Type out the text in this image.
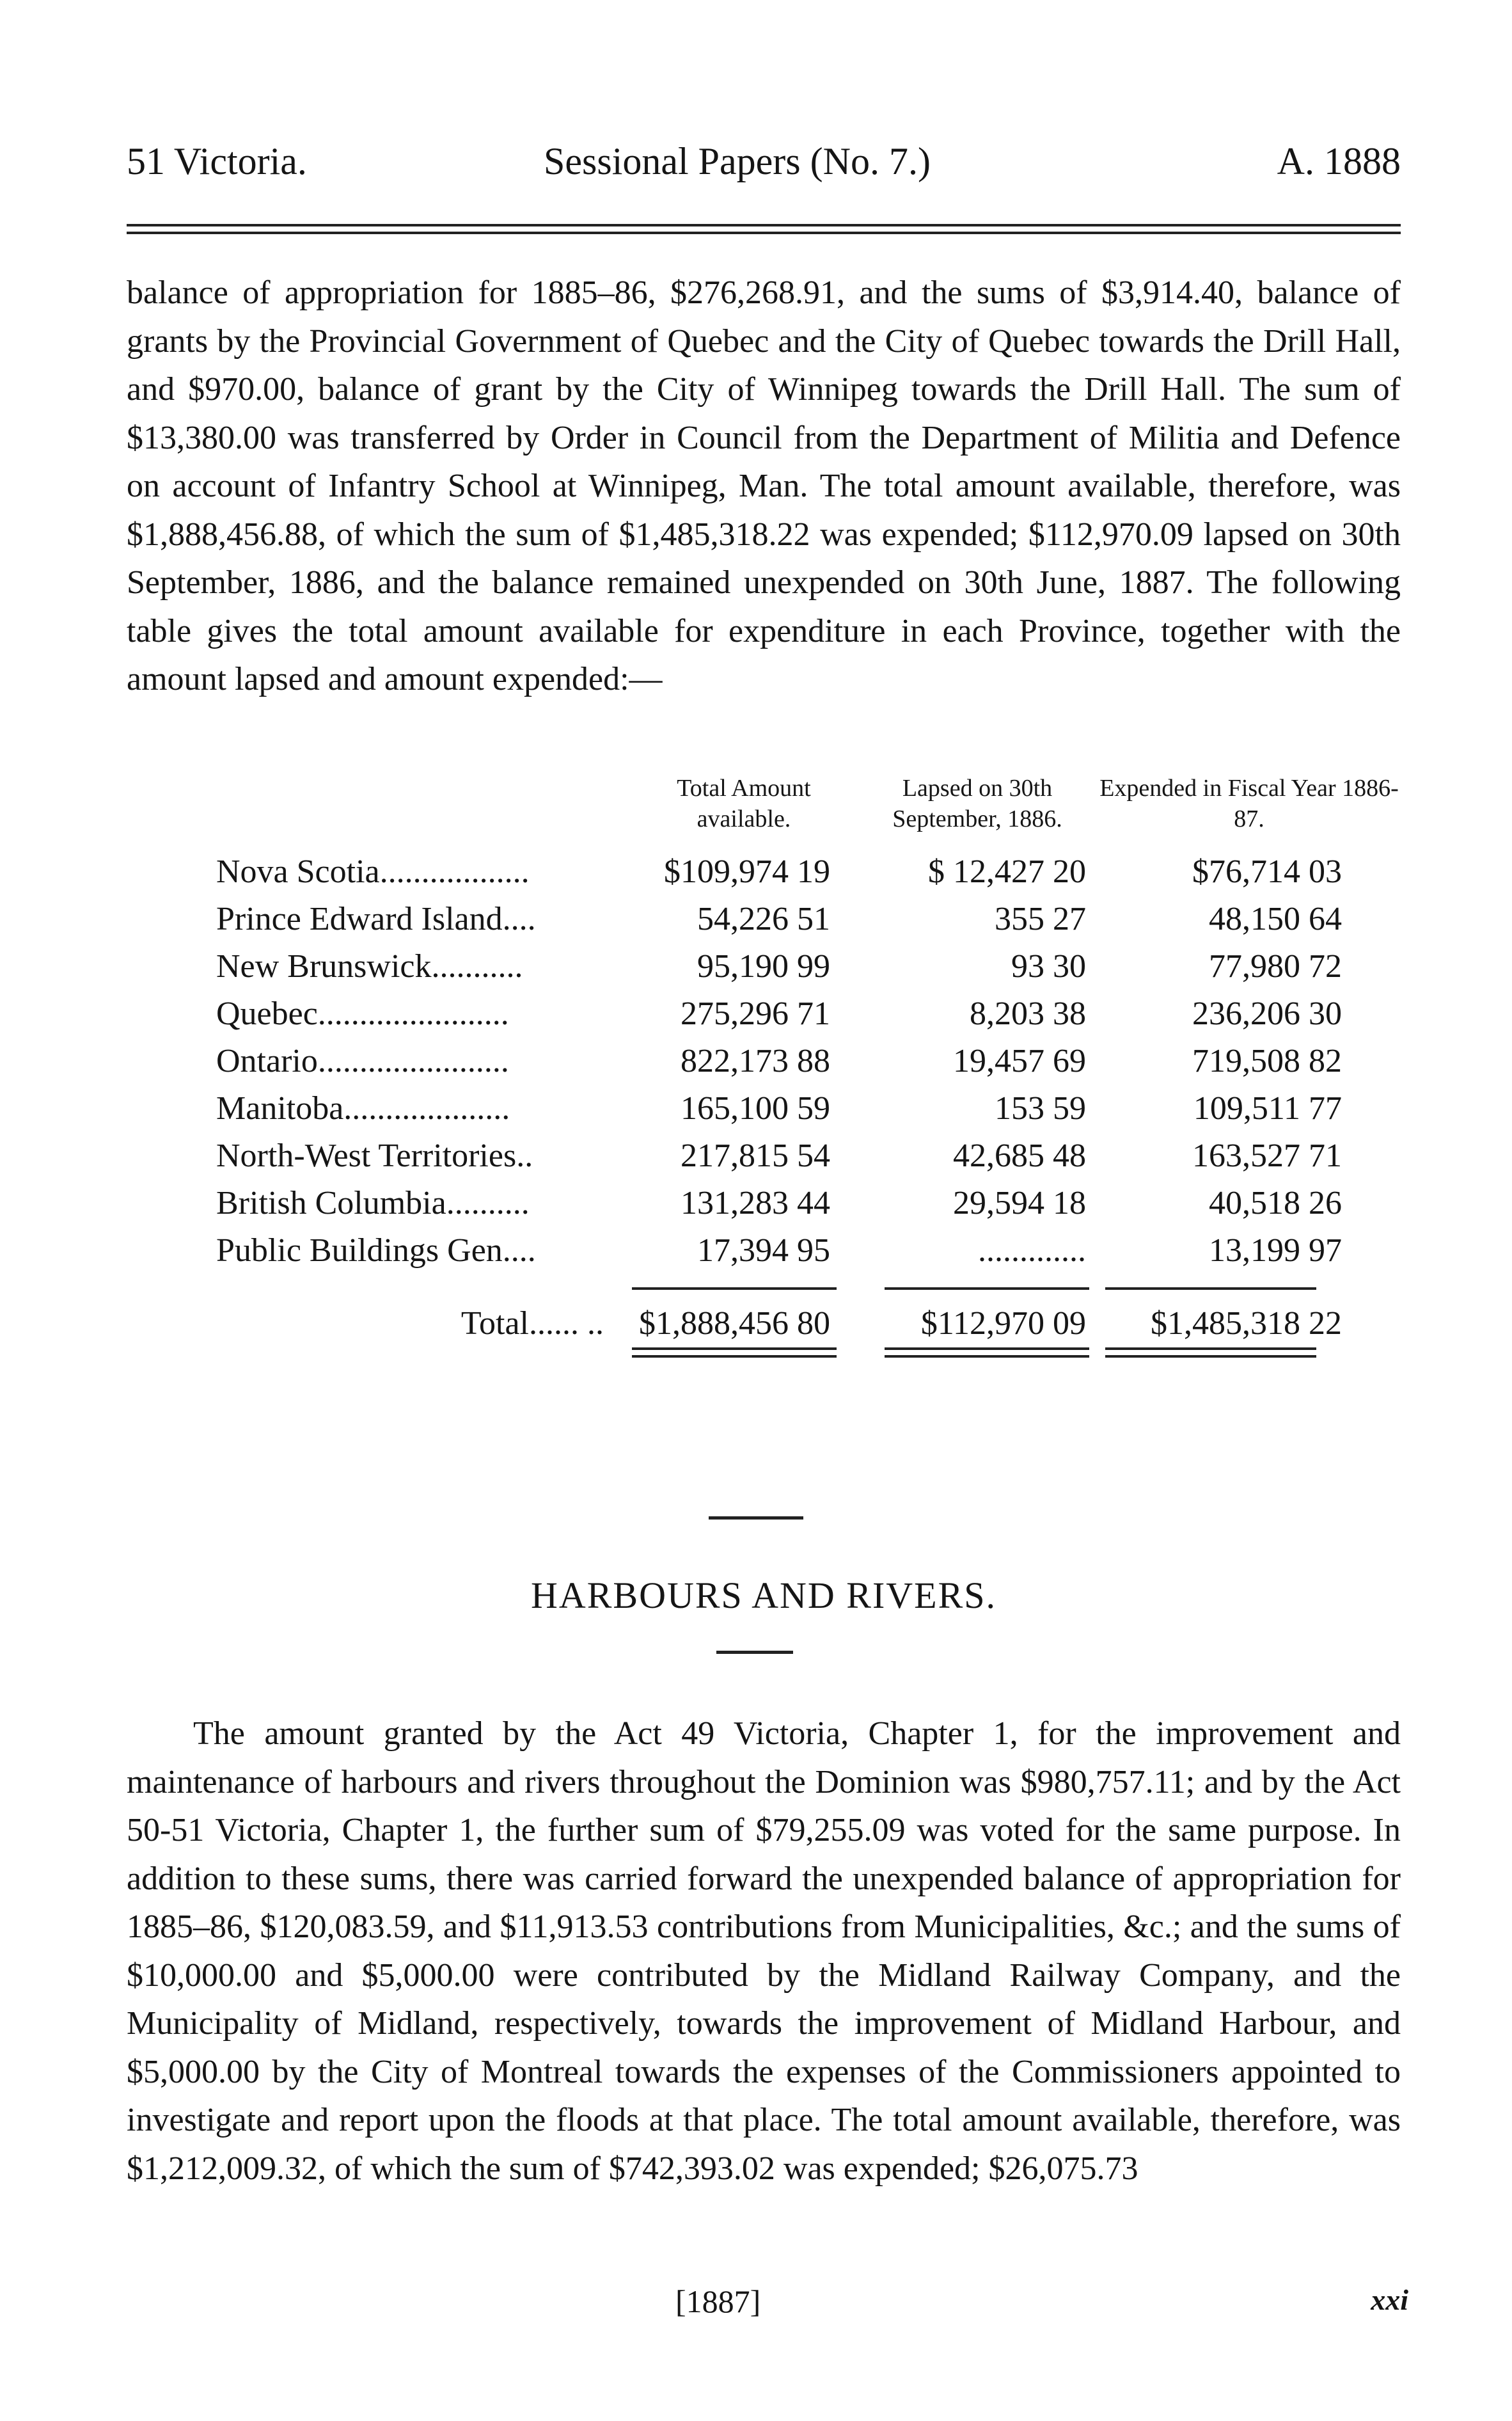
51 Victoria.	Sessional Papers (No. 7.)	A. 1888
balance of appropriation for 1885–86, $276,268.91, and the sums of $3,914.40, balance of grants by the Provincial Government of Quebec and the City of Quebec towards the Drill Hall, and $970.00, balance of grant by the City of Winnipeg towards the Drill Hall. The sum of $13,380.00 was transferred by Order in Council from the Department of Militia and Defence on account of Infantry School at Winnipeg, Man. The total amount available, therefore, was $1,888,456.88, of which the sum of $1,485,318.22 was expended; $112,970.09 lapsed on 30th September, 1886, and the balance remained unexpended on 30th June, 1887. The following table gives the total amount available for expenditure in each Province, together with the amount lapsed and amount expended:—
Total Amount available.
Lapsed on 30th September, 1886.
Expended in Fiscal Year 1886-87.
Nova Scotia..................	$109,974 19	$ 12,427 20	$76,714 03
Prince Edward Island....	54,226 51	355 27	48,150 64
New Brunswick...........	95,190 99	93 30	77,980 72
Quebec.......................	275,296 71	8,203 38	236,206 30
Ontario.......................	822,173 88	19,457 69	719,508 82
Manitoba....................	165,100 59	153 59	109,511 77
North-West Territories..	217,815 54	42,685 48	163,527 71
British Columbia..........	131,283 44	29,594 18	40,518 26
Public Buildings Gen....	17,394 95	.............	13,199 97
Total...... ..	$1,888,456 80	$112,970 09	$1,485,318 22
HARBOURS AND RIVERS.
The amount granted by the Act 49 Victoria, Chapter 1, for the improvement and maintenance of harbours and rivers throughout the Dominion was $980,757.11; and by the Act 50-51 Victoria, Chapter 1, the further sum of $79,255.09 was voted for the same purpose. In addition to these sums, there was carried forward the unexpended balance of appropriation for 1885–86, $120,083.59, and $11,913.53 contributions from Municipalities, &c.; and the sums of $10,000.00 and $5,000.00 were contributed by the Midland Railway Company, and the Municipality of Midland, respectively, towards the improvement of Midland Harbour, and $5,000.00 by the City of Montreal towards the expenses of the Commissioners appointed to investigate and report upon the floods at that place. The total amount available, therefore, was $1,212,009.32, of which the sum of $742,393.02 was expended; $26,075.73
[1887]	xxi
